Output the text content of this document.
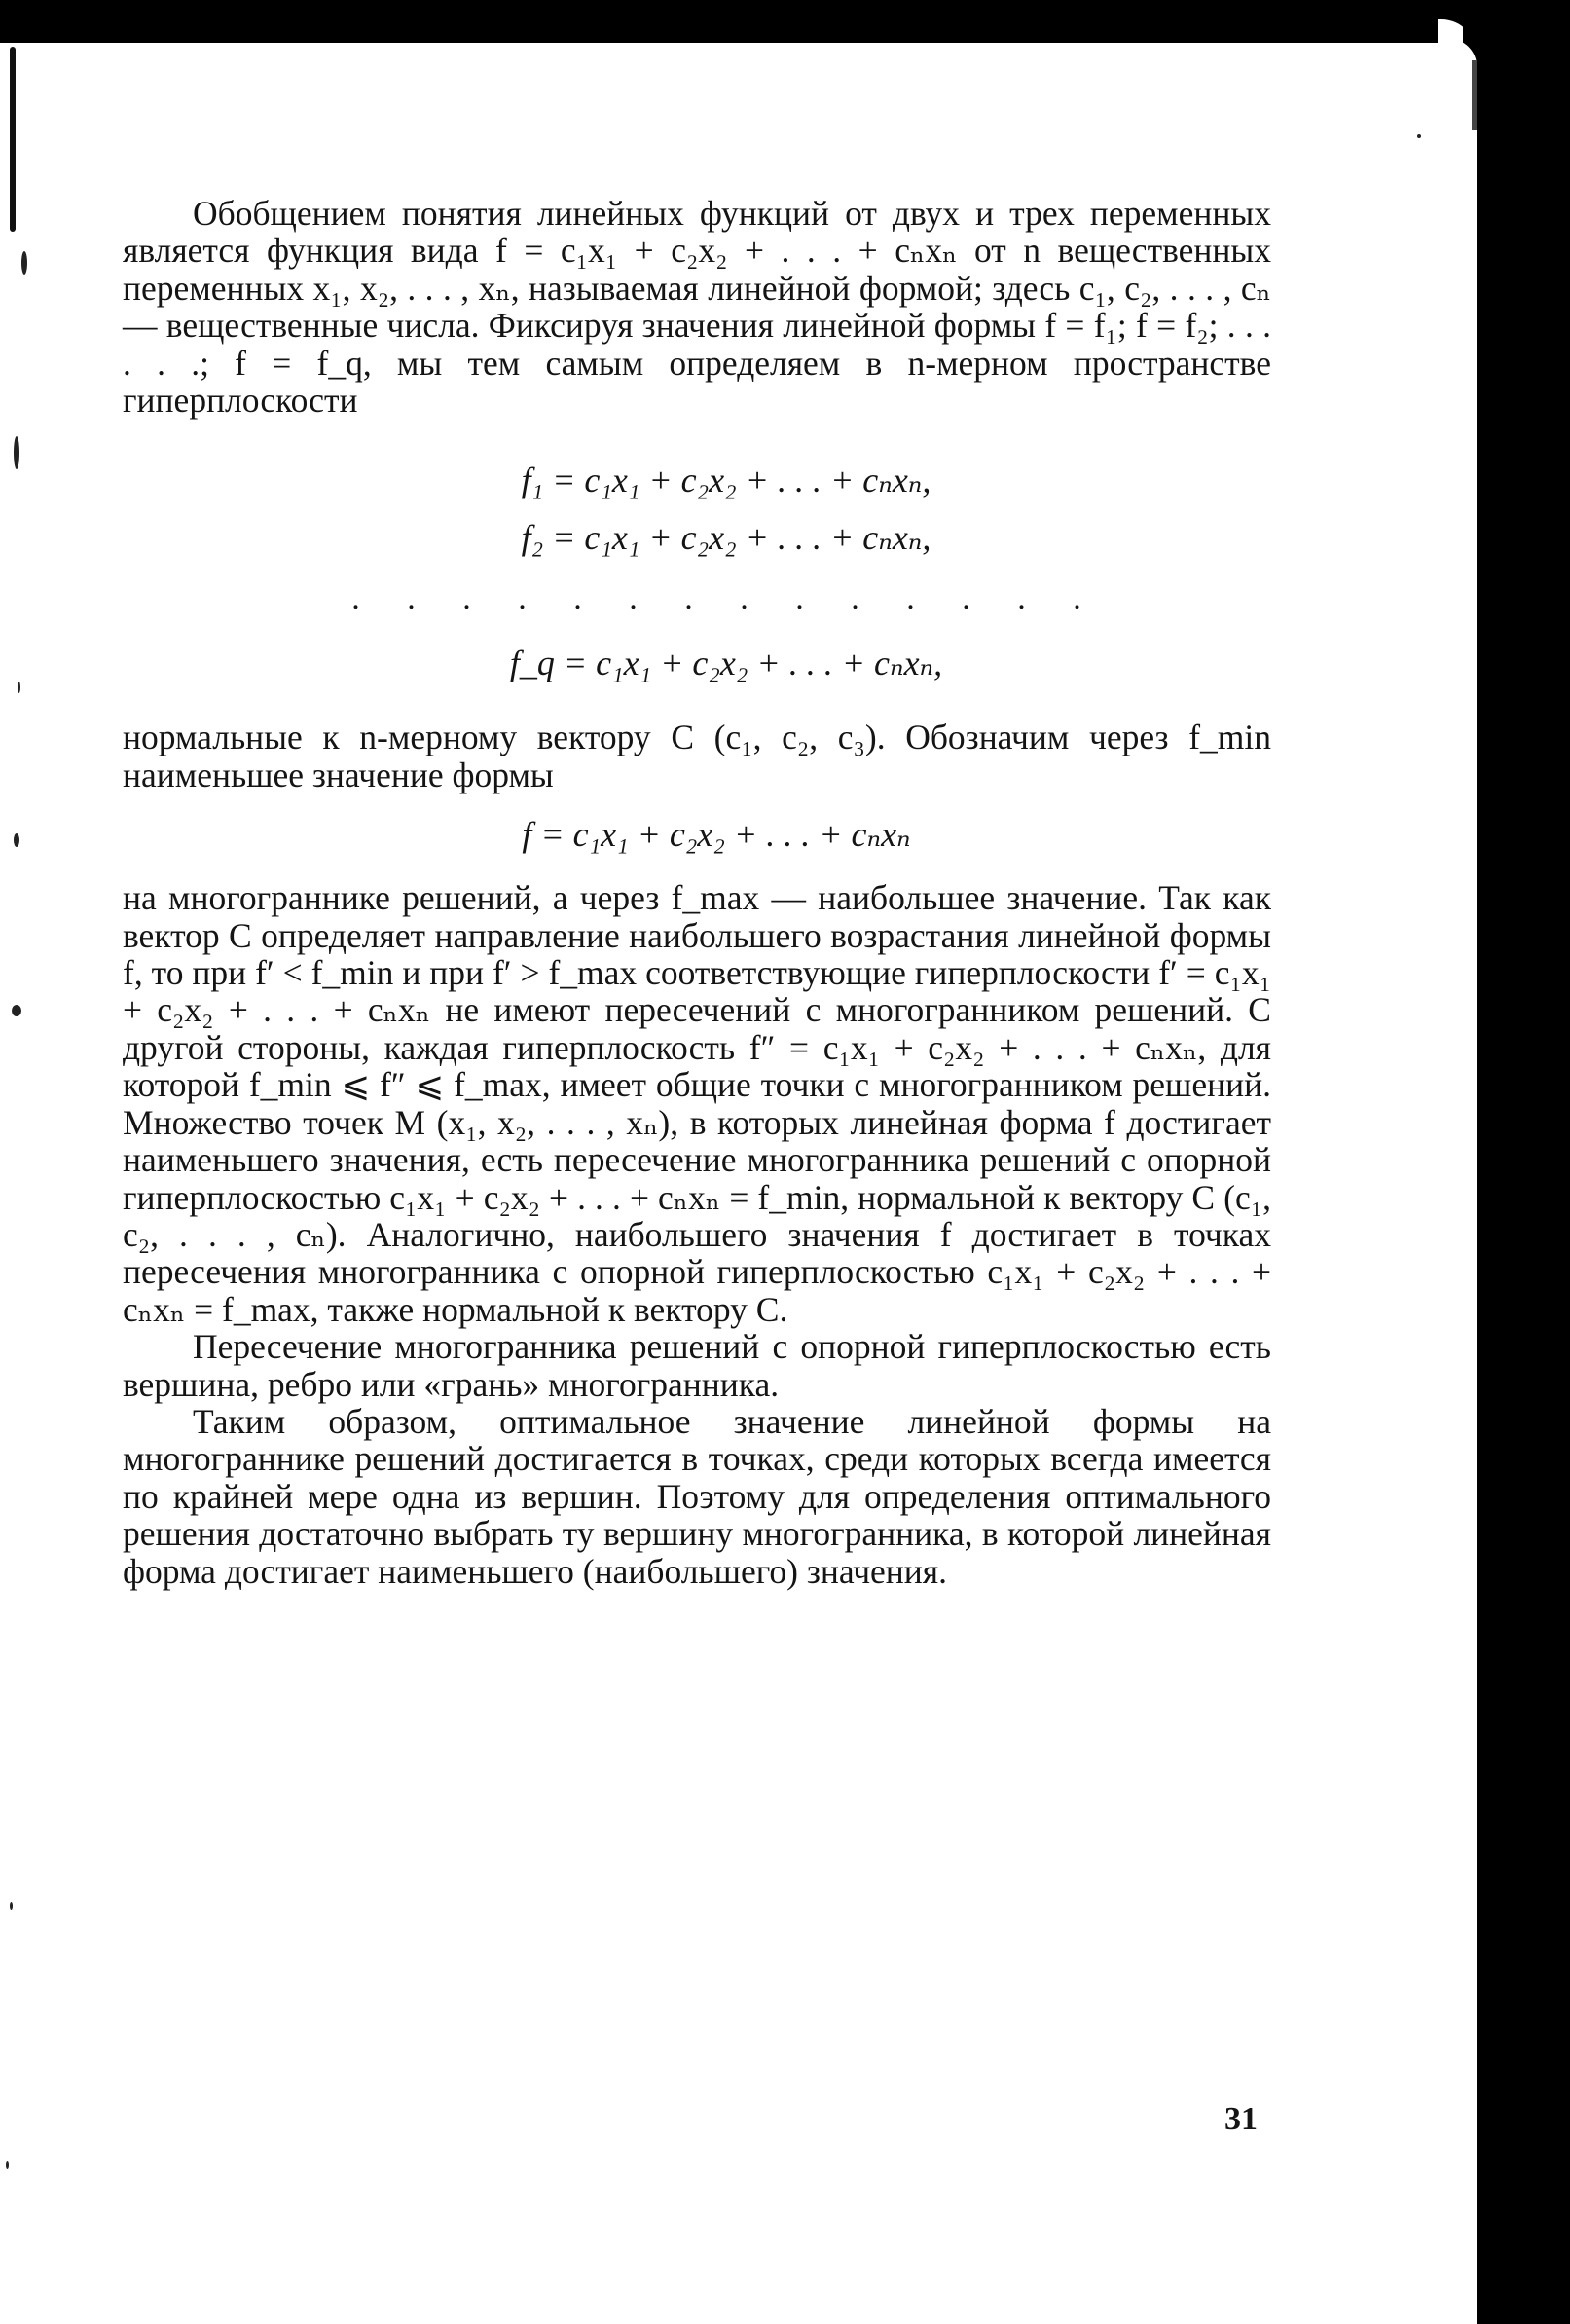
Обобщением понятия линейных функций от двух и трех переменных является функция вида f = c₁x₁ + c₂x₂ + . . . + cₙxₙ от n вещественных переменных x₁, x₂, . . . , xₙ, называемая линейной формой; здесь c₁, c₂, . . . , cₙ — вещественные числа. Фиксируя значения линейной формы f = f₁; f = f₂; . . . . . .; f = f_q, мы тем самым определяем в n-мерном пространстве гиперплоскости

f₁ = c₁x₁ + c₂x₂ + . . . + cₙxₙ,
f₂ = c₁x₁ + c₂x₂ + . . . + cₙxₙ,
. . . . . . . . . . . . . .
f_q = c₁x₁ + c₂x₂ + . . . + cₙxₙ,

нормальные к n-мерному вектору C (c₁, c₂, c₃). Обозначим через f_min наименьшее значение формы

f = c₁x₁ + c₂x₂ + . . . + cₙxₙ

на многограннике решений, а через f_max — наибольшее значение. Так как вектор C определяет направление наибольшего возрастания линейной формы f, то при f′ < f_min и при f′ > f_max соответствующие гиперплоскости f′ = c₁x₁ + c₂x₂ + . . . + cₙxₙ не имеют пересечений с многогранником решений. С другой стороны, каждая гиперплоскость f″ = c₁x₁ + c₂x₂ + . . . + cₙxₙ, для которой f_min ⩽ f″ ⩽ f_max, имеет общие точки с многогранником решений. Множество точек M (x₁, x₂, . . . , xₙ), в которых линейная форма f достигает наименьшего значения, есть пересечение многогранника решений с опорной гиперплоскостью c₁x₁ + c₂x₂ + . . . + cₙxₙ = f_min, нормальной к вектору C (c₁, c₂, . . . , cₙ). Аналогично, наибольшего значения f достигает в точках пересечения многогранника с опорной гиперплоскостью c₁x₁ + c₂x₂ + . . . + cₙxₙ = f_max, также нормальной к вектору C.

Пересечение многогранника решений с опорной гиперплоскостью есть вершина, ребро или «грань» многогранника.

Таким образом, оптимальное значение линейной формы на многограннике решений достигается в точках, среди которых всегда имеется по крайней мере одна из вершин. Поэтому для определения оптимального решения достаточно выбрать ту вершину многогранника, в которой линейная форма достигает наименьшего (наибольшего) значения.

31
